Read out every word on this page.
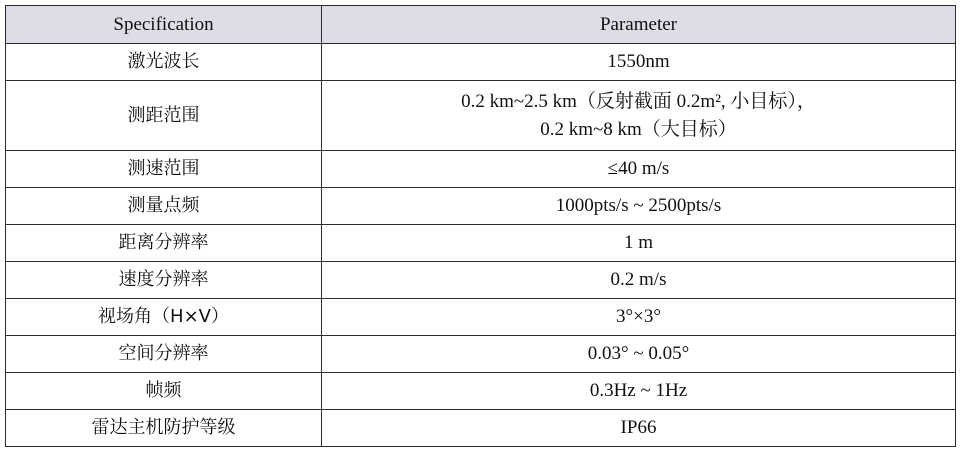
Specification	Parameter
激光波长	1550nm
测距范围	0.2 km~2.5 km（反射截面 0.2m², 小目标），
0.2 km~8 km（大目标）

测速范围	≤40 m/s
测量点频	1000pts/s ~ 2500pts/s
距离分辨率	1 m
速度分辨率	0.2 m/s
视场角（H×V）	3°×3°
空间分辨率	0.03° ~ 0.05°
帧频	0.3Hz ~ 1Hz
雷达主机防护等级	IP66
